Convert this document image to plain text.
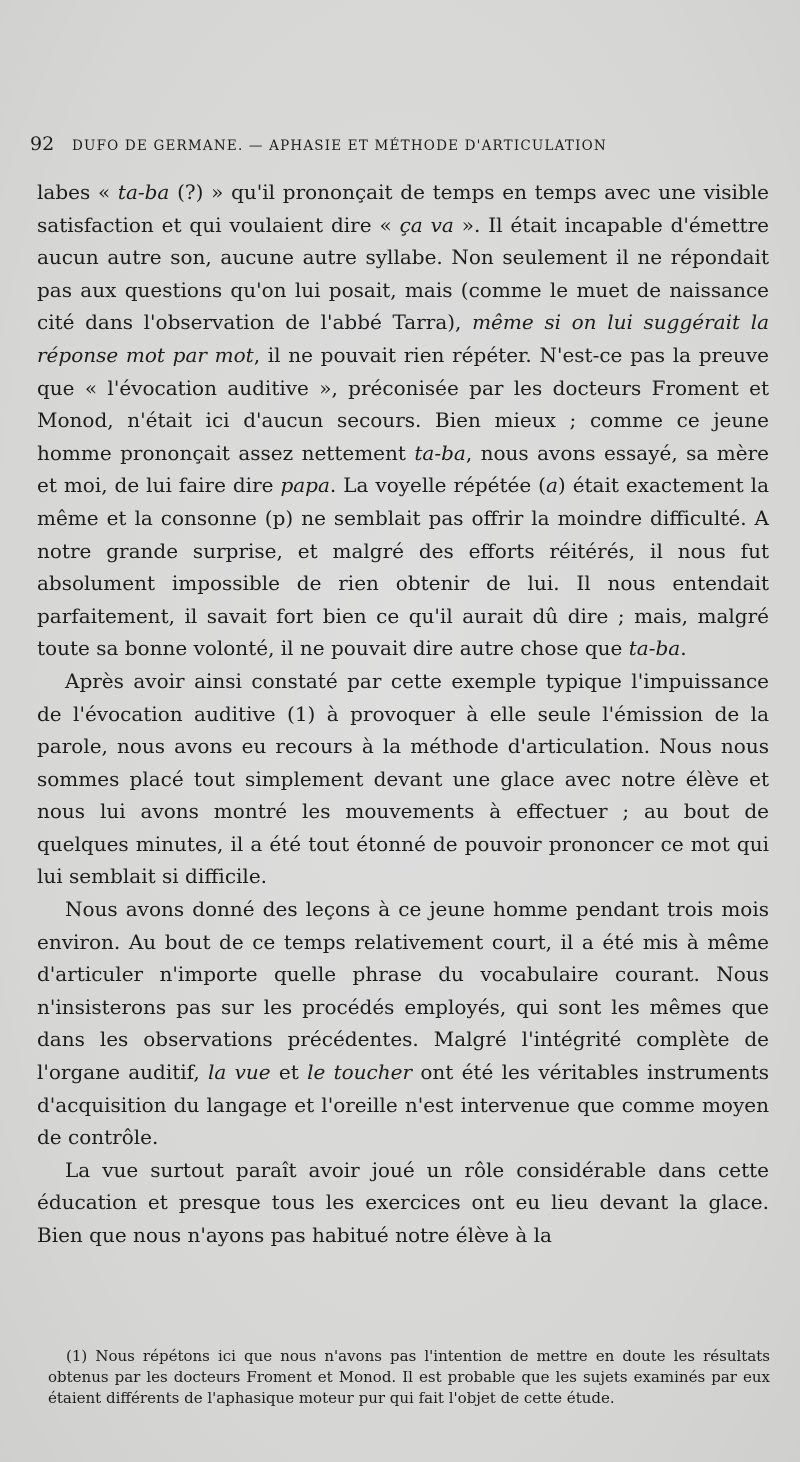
92 DUFO DE GERMANE. — APHASIE ET MÉTHODE D'ARTICULATION

labes « ta-ba (?) » qu'il prononçait de temps en temps avec une visible satisfaction et qui voulaient dire « ça va ». Il était incapable d'émettre aucun autre son, aucune autre syllabe. Non seulement il ne répondait pas aux questions qu'on lui posait, mais (comme le muet de naissance cité dans l'observation de l'abbé Tarra), même si on lui suggérait la réponse mot par mot, il ne pouvait rien répéter. N'est-ce pas la preuve que « l'évocation auditive », préconisée par les docteurs Froment et Monod, n'était ici d'aucun secours. Bien mieux ; comme ce jeune homme prononçait assez nettement ta-ba, nous avons essayé, sa mère et moi, de lui faire dire papa. La voyelle répétée (a) était exactement la même et la consonne (p) ne semblait pas offrir la moindre difficulté. A notre grande surprise, et malgré des efforts réitérés, il nous fut absolument impossible de rien obtenir de lui. Il nous entendait parfaitement, il savait fort bien ce qu'il aurait dû dire ; mais, malgré toute sa bonne volonté, il ne pouvait dire autre chose que ta-ba.

Après avoir ainsi constaté par cette exemple typique l'impuissance de l'évocation auditive (1) à provoquer à elle seule l'émission de la parole, nous avons eu recours à la méthode d'articulation. Nous nous sommes placé tout simplement devant une glace avec notre élève et nous lui avons montré les mouvements à effectuer ; au bout de quelques minutes, il a été tout étonné de pouvoir prononcer ce mot qui lui semblait si difficile.

Nous avons donné des leçons à ce jeune homme pendant trois mois environ. Au bout de ce temps relativement court, il a été mis à même d'articuler n'importe quelle phrase du vocabulaire courant. Nous n'insisterons pas sur les procédés employés, qui sont les mêmes que dans les observations précédentes. Malgré l'intégrité complète de l'organe auditif, la vue et le toucher ont été les véritables instruments d'acquisition du langage et l'oreille n'est intervenue que comme moyen de contrôle.

La vue surtout paraît avoir joué un rôle considérable dans cette éducation et presque tous les exercices ont eu lieu devant la glace. Bien que nous n'ayons pas habitué notre élève à la

(1) Nous répétons ici que nous n'avons pas l'intention de mettre en doute les résultats obtenus par les docteurs Froment et Monod. Il est probable que les sujets examinés par eux étaient différents de l'aphasique moteur pur qui fait l'objet de cette étude.
